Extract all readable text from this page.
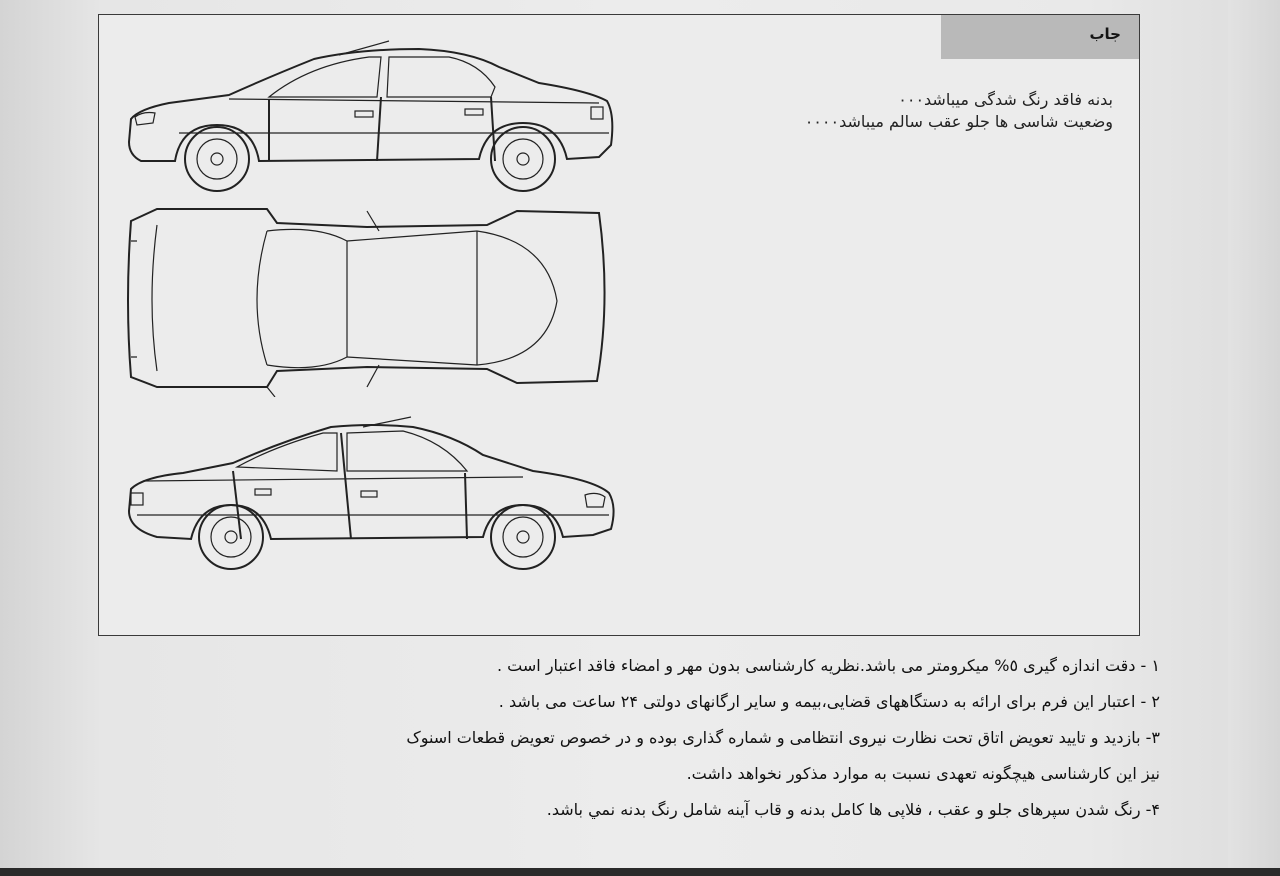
جاب
بدنه فاقد رنگ شدگی میباشد٠٠٠
وضعیت شاسی ها جلو عقب سالم میباشد٠٠٠٠

١ - دقت اندازه گیری ٥% میکرومتر می باشد.نظریه کارشناسی بدون مهر و امضاء فاقد اعتبار است .

٢ - اعتبار این فرم برای ارائه به دستگاههای قضایی،بیمه و سایر ارگانهای دولتی ٢۴ ساعت می باشد .

٣- بازدید و تایید تعویض اتاق تحت نظارت نیروی انتظامی و شماره گذاری بوده و در خصوص تعویض قطعات اسنوک

نیز این کارشناسی هیچگونه تعهدی نسبت به موارد مذکور نخواهد داشت.

۴- رنگ شدن سپرهای جلو و عقب ، فلاپی ها کامل بدنه و قاب آینه شامل رنگ بدنه نمي باشد.
